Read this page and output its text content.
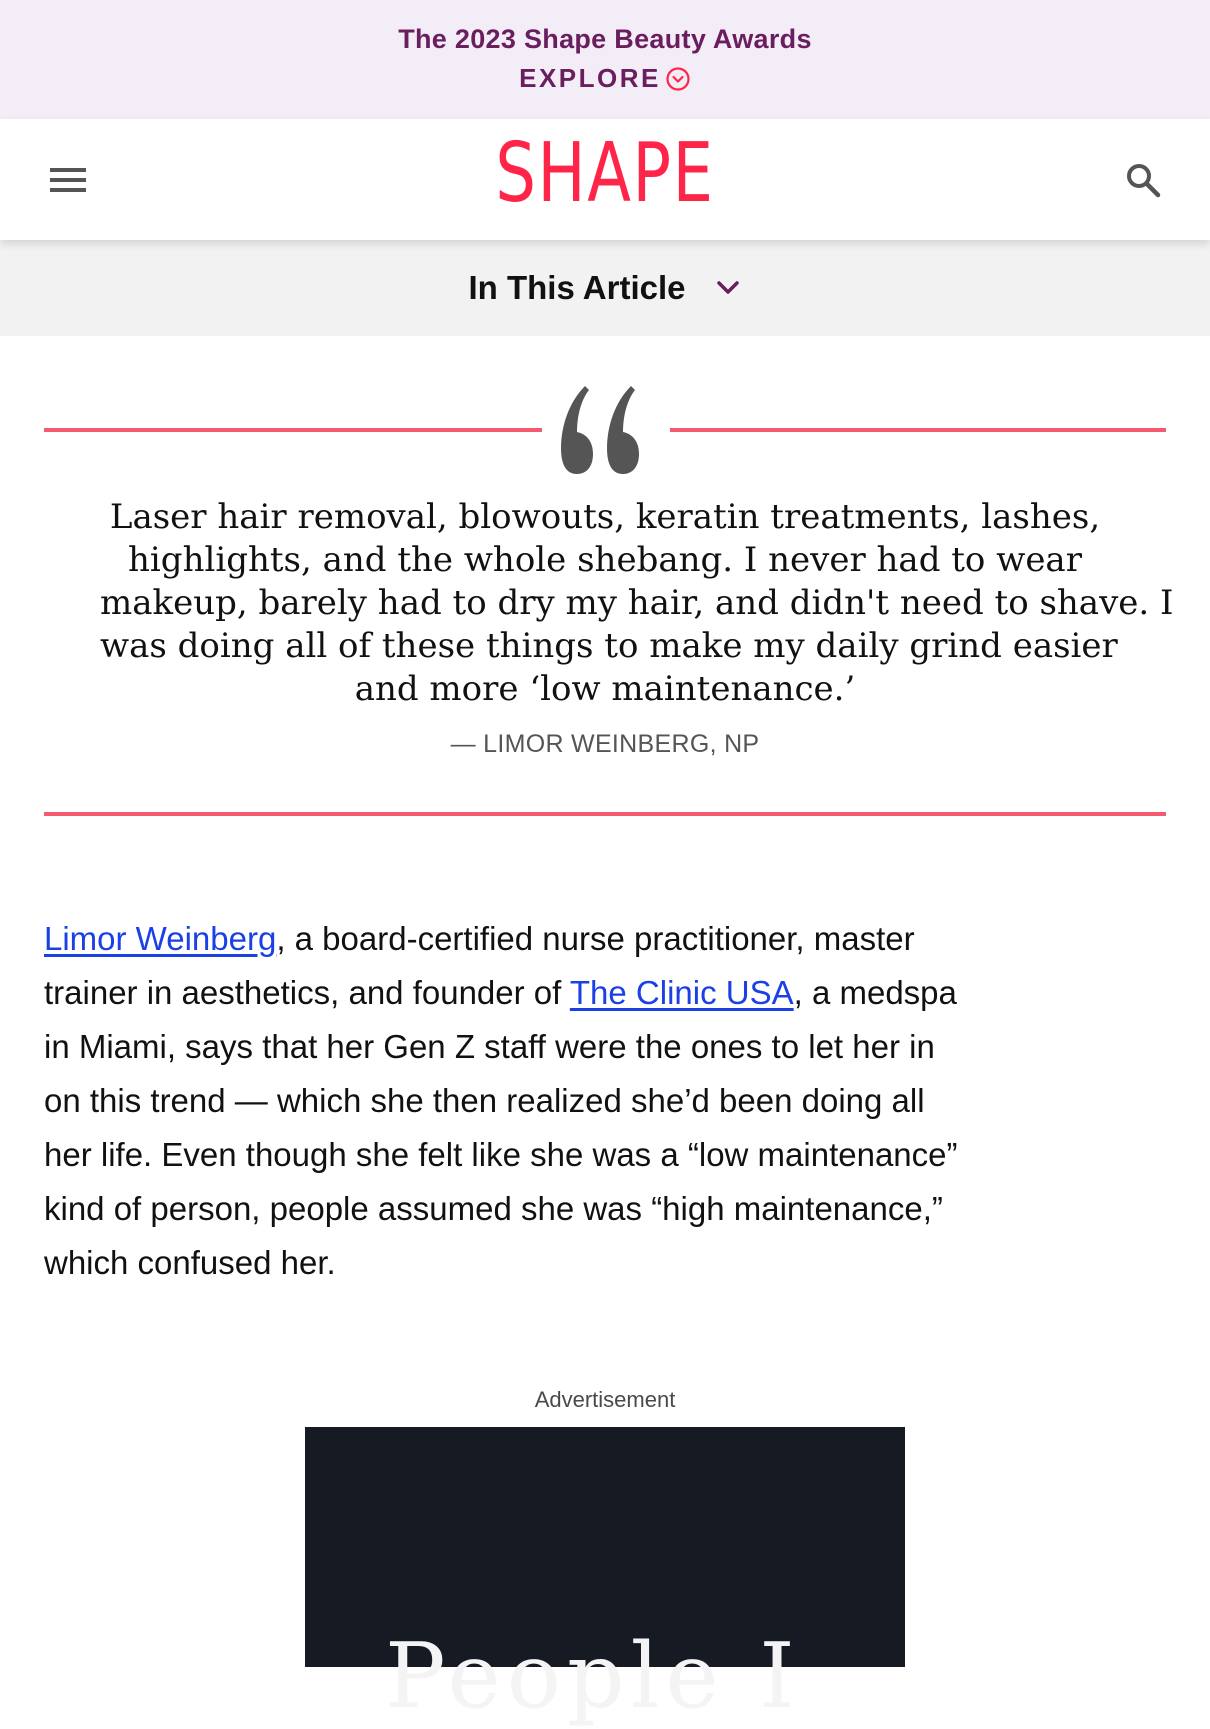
The 2023 Shape Beauty Awards
EXPLORE
SHAPE
In This Article
Laser hair removal, blowouts, keratin treatments, lashes,
highlights, and the whole shebang. I never had to wear
makeup, barely had to dry my hair, and didn't need to shave. I
was doing all of these things to make my daily grind easier
and more ‘low maintenance.’
— LIMOR WEINBERG, NP
Limor Weinberg, a board-certified nurse practitioner, master
trainer in aesthetics, and founder of The Clinic USA, a medspa
in Miami, says that her Gen Z staff were the ones to let her in
on this trend — which she then realized she’d been doing all
her life. Even though she felt like she was a “low maintenance”
kind of person, people assumed she was “high maintenance,”
which confused her.
Advertisement
People I
